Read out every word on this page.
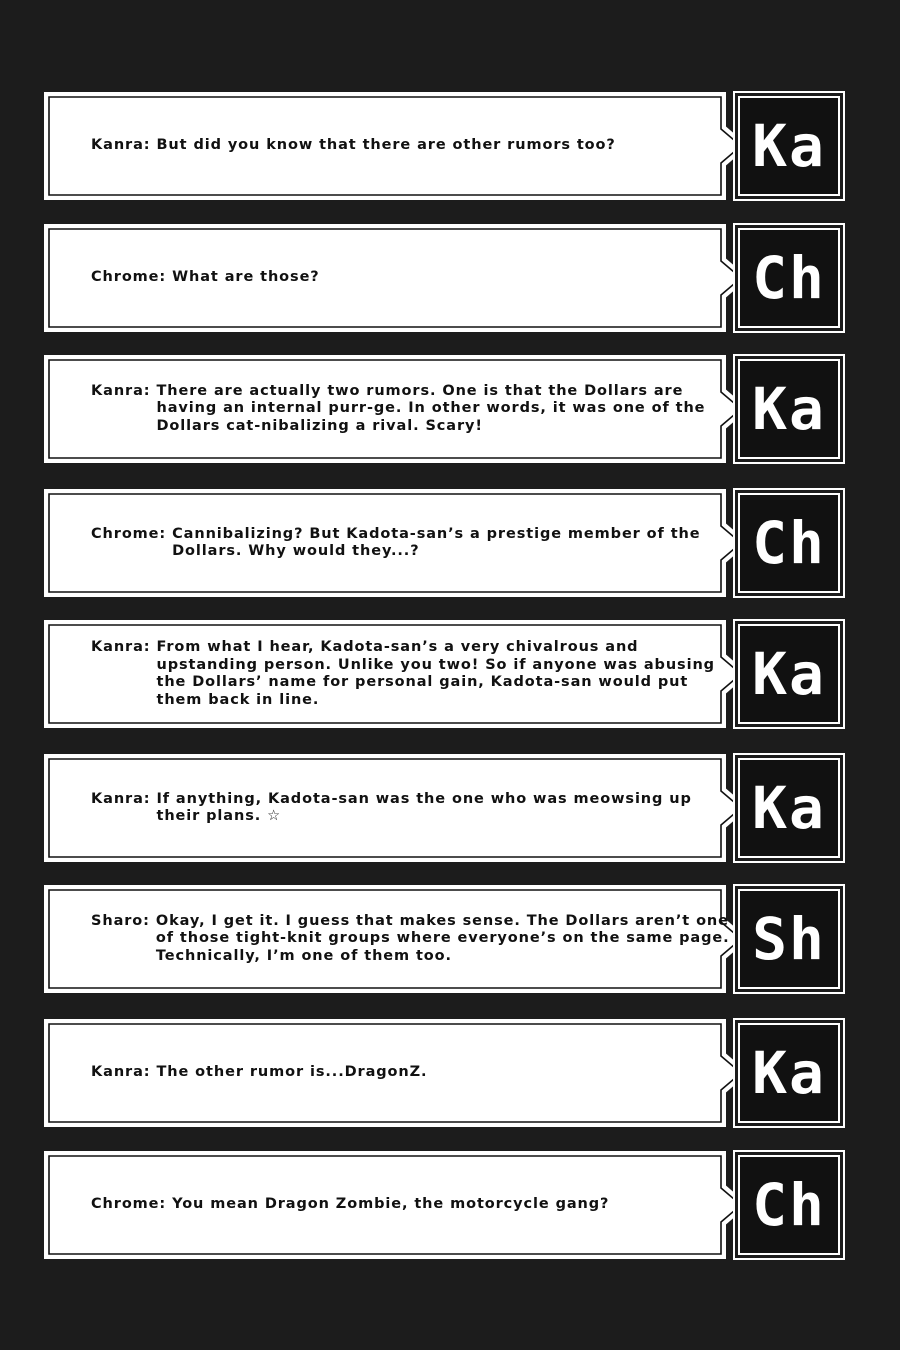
Kanra: But did you know that there are other rumors too? Ka
Chrome: What are those?	Ch
Kanra: There are actually two rumors. One is that the Dollars are having an internal purr-ge. In other words, it was one of the Dollars cat-nibalizing a rival. Scary!	Ka
Chrome: Cannibalizing? But Kadota-san’s a prestige member of the Dollars. Why would they...?	Ch
Kanra: From what I hear, Kadota-san’s a very chivalrous and upstanding person. Unlike you two! So if anyone was abusing the Dollars’ name for personal gain, Kadota-san would put them back in line.	Ka
Kanra: If anything, Kadota-san was the one who was meowsing up their plans. ☆	Ka
Sharo: Okay, I get it. I guess that makes sense. The Dollars aren’t one of those tight-knit groups where everyone’s on the same page. Technically, I’m one of them too.	Sh
Kanra: The other rumor is...DragonZ.	Ka
Chrome: You mean Dragon Zombie, the motorcycle gang? Ch
